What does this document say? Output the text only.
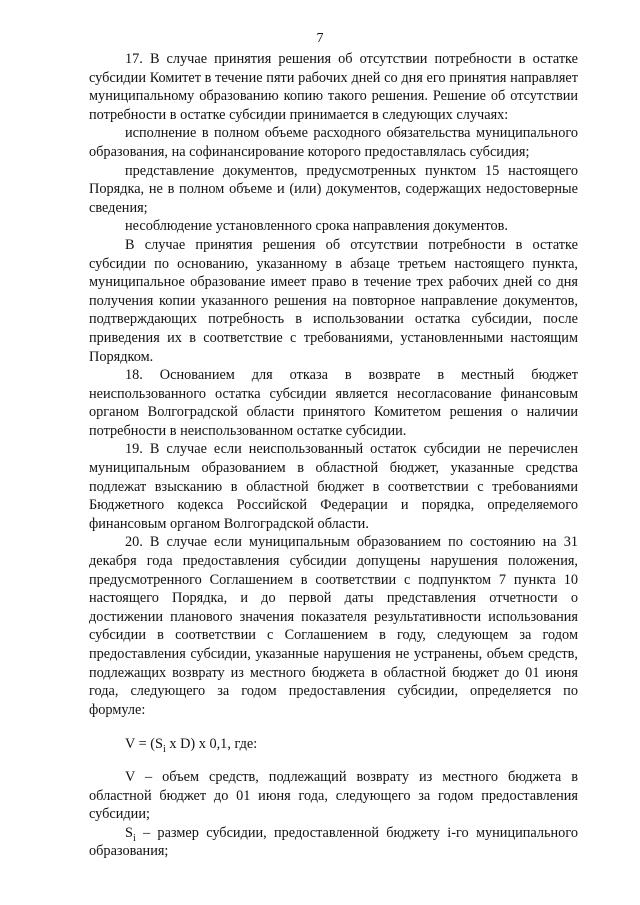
7

17. В случае принятия решения об отсутствии потребности в остатке субсидии Комитет в течение пяти рабочих дней со дня его принятия направляет муниципальному образованию копию такого решения. Решение об отсутствии потребности в остатке субсидии принимается в следующих случаях:

исполнение в полном объеме расходного обязательства муниципального образования, на софинансирование которого предоставлялась субсидия;

представление документов, предусмотренных пунктом 15 настоящего Порядка, не в полном объеме и (или) документов, содержащих недостоверные сведения;

несоблюдение установленного срока направления документов.

В случае принятия решения об отсутствии потребности в остатке субсидии по основанию, указанному в абзаце третьем настоящего пункта, муниципальное образование имеет право в течение трех рабочих дней со дня получения копии указанного решения на повторное направление документов, подтверждающих потребность в использовании остатка субсидии, после приведения их в соответствие с требованиями, установленными настоящим Порядком.

18. Основанием для отказа в возврате в местный бюджет неиспользованного остатка субсидии является несогласование финансовым органом Волгоградской области принятого Комитетом решения о наличии потребности в неиспользованном остатке субсидии.

19. В случае если неиспользованный остаток субсидии не перечислен муниципальным образованием в областной бюджет, указанные средства подлежат взысканию в областной бюджет в соответствии с требованиями Бюджетного кодекса Российской Федерации и порядка, определяемого финансовым органом Волгоградской области.

20. В случае если муниципальным образованием по состоянию на 31 декабря года предоставления субсидии допущены нарушения положения, предусмотренного Соглашением в соответствии с подпунктом 7 пункта 10 настоящего Порядка, и до первой даты представления отчетности о достижении планового значения показателя результативности использования субсидии в соответствии с Соглашением в году, следующем за годом предоставления субсидии, указанные нарушения не устранены, объем средств, подлежащих возврату из местного бюджета в областной бюджет до 01 июня года, следующего за годом предоставления субсидии, определяется по формуле:

$V = (S_i$ x D) x 0,1, где:

V – объем средств, подлежащий возврату из местного бюджета в областной бюджет до 01 июня года, следующего за годом предоставления субсидии;

$S_i$ – размер субсидии, предоставленной бюджету i-го муниципального образования;
